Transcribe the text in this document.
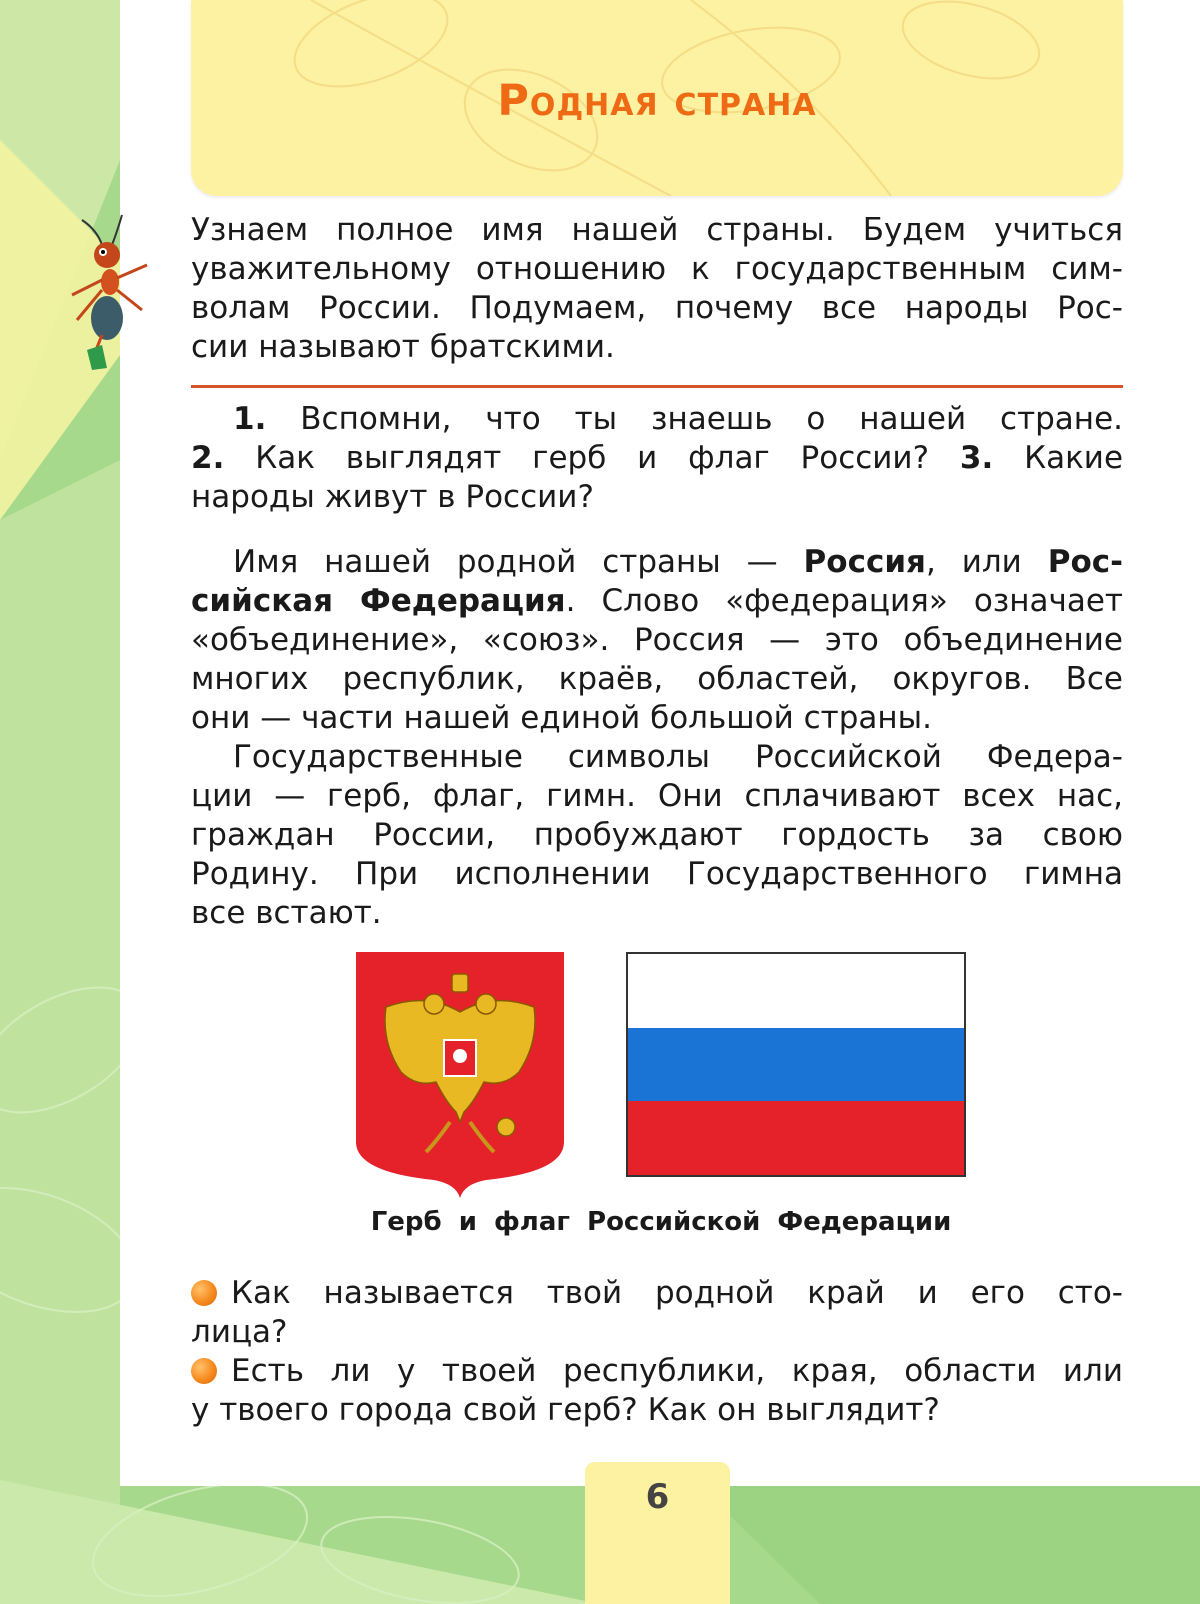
Родная страна
Узнаем полное имя нашей страны. Будем учиться
уважительному отношению к государственным сим-
волам России. Подумаем, почему все народы Рос-
сии называют братскими.
1. Вспомни, что ты знаешь о нашей стране.
2. Как выглядят герб и флаг России? 3. Какие
народы живут в России?
Имя нашей родной страны — Россия, или Рос-
сийская Федерация. Слово «федерация» означает
«объединение», «союз». Россия — это объединение
многих республик, краёв, областей, округов. Все
они — части нашей единой большой страны.
Государственные символы Российской Федера-
ции — герб, флаг, гимн. Они сплачивают всех нас,
граждан России, пробуждают гордость за свою
Родину. При исполнении Государственного гимна
все встают.
Герб и флаг Российской Федерации
Как называется твой родной край и его сто-
лица?
Есть ли у твоей республики, края, области или
у твоего города свой герб? Как он выглядит?
6
